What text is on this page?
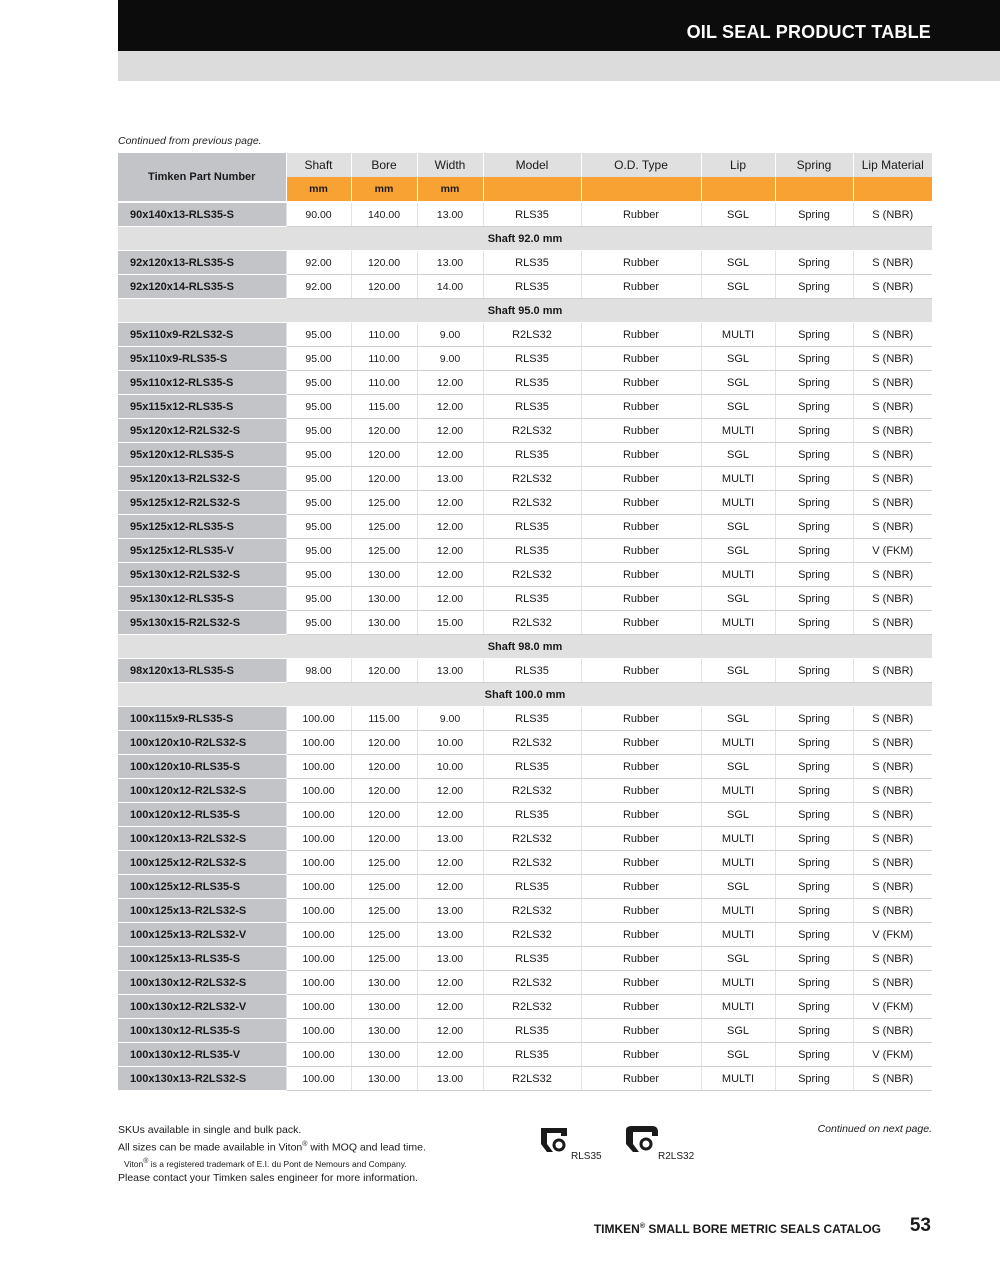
OIL SEAL PRODUCT TABLE
Continued from previous page.
Timken Part Number	Shaft	Bore	Width	Model	O.D. Type	Lip	Spring	Lip Material
	mm	mm	mm					
90x140x13-RLS35-S	90.00	140.00	13.00	RLS35	Rubber	SGL	Spring	S (NBR)
Shaft 92.0 mm								
92x120x13-RLS35-S	92.00	120.00	13.00	RLS35	Rubber	SGL	Spring	S (NBR)
92x120x14-RLS35-S	92.00	120.00	14.00	RLS35	Rubber	SGL	Spring	S (NBR)
Shaft 95.0 mm								
95x110x9-R2LS32-S	95.00	110.00	9.00	R2LS32	Rubber	MULTI	Spring	S (NBR)
95x110x9-RLS35-S	95.00	110.00	9.00	RLS35	Rubber	SGL	Spring	S (NBR)
95x110x12-RLS35-S	95.00	110.00	12.00	RLS35	Rubber	SGL	Spring	S (NBR)
95x115x12-RLS35-S	95.00	115.00	12.00	RLS35	Rubber	SGL	Spring	S (NBR)
95x120x12-R2LS32-S	95.00	120.00	12.00	R2LS32	Rubber	MULTI	Spring	S (NBR)
95x120x12-RLS35-S	95.00	120.00	12.00	RLS35	Rubber	SGL	Spring	S (NBR)
95x120x13-R2LS32-S	95.00	120.00	13.00	R2LS32	Rubber	MULTI	Spring	S (NBR)
95x125x12-R2LS32-S	95.00	125.00	12.00	R2LS32	Rubber	MULTI	Spring	S (NBR)
95x125x12-RLS35-S	95.00	125.00	12.00	RLS35	Rubber	SGL	Spring	S (NBR)
95x125x12-RLS35-V	95.00	125.00	12.00	RLS35	Rubber	SGL	Spring	V (FKM)
95x130x12-R2LS32-S	95.00	130.00	12.00	R2LS32	Rubber	MULTI	Spring	S (NBR)
95x130x12-RLS35-S	95.00	130.00	12.00	RLS35	Rubber	SGL	Spring	S (NBR)
95x130x15-R2LS32-S	95.00	130.00	15.00	R2LS32	Rubber	MULTI	Spring	S (NBR)
Shaft 98.0 mm								
98x120x13-RLS35-S	98.00	120.00	13.00	RLS35	Rubber	SGL	Spring	S (NBR)
Shaft 100.0 mm								
100x115x9-RLS35-S	100.00	115.00	9.00	RLS35	Rubber	SGL	Spring	S (NBR)
100x120x10-R2LS32-S	100.00	120.00	10.00	R2LS32	Rubber	MULTI	Spring	S (NBR)
100x120x10-RLS35-S	100.00	120.00	10.00	RLS35	Rubber	SGL	Spring	S (NBR)
100x120x12-R2LS32-S	100.00	120.00	12.00	R2LS32	Rubber	MULTI	Spring	S (NBR)
100x120x12-RLS35-S	100.00	120.00	12.00	RLS35	Rubber	SGL	Spring	S (NBR)
100x120x13-R2LS32-S	100.00	120.00	13.00	R2LS32	Rubber	MULTI	Spring	S (NBR)
100x125x12-R2LS32-S	100.00	125.00	12.00	R2LS32	Rubber	MULTI	Spring	S (NBR)
100x125x12-RLS35-S	100.00	125.00	12.00	RLS35	Rubber	SGL	Spring	S (NBR)
100x125x13-R2LS32-S	100.00	125.00	13.00	R2LS32	Rubber	MULTI	Spring	S (NBR)
100x125x13-R2LS32-V	100.00	125.00	13.00	R2LS32	Rubber	MULTI	Spring	V (FKM)
100x125x13-RLS35-S	100.00	125.00	13.00	RLS35	Rubber	SGL	Spring	S (NBR)
100x130x12-R2LS32-S	100.00	130.00	12.00	R2LS32	Rubber	MULTI	Spring	S (NBR)
100x130x12-R2LS32-V	100.00	130.00	12.00	R2LS32	Rubber	MULTI	Spring	V (FKM)
100x130x12-RLS35-S	100.00	130.00	12.00	RLS35	Rubber	SGL	Spring	S (NBR)
100x130x12-RLS35-V	100.00	130.00	12.00	RLS35	Rubber	SGL	Spring	V (FKM)
100x130x13-R2LS32-S	100.00	130.00	13.00	R2LS32	Rubber	MULTI	Spring	S (NBR)
SKUs available in single and bulk pack.
All sizes can be made available in Viton® with MOQ and lead time.
Viton® is a registered trademark of E.I. du Pont de Nemours and Company.
Please contact your Timken sales engineer for more information.
RLS35	R2LS32
Continued on next page.
TIMKEN® SMALL BORE METRIC SEALS CATALOG 53
